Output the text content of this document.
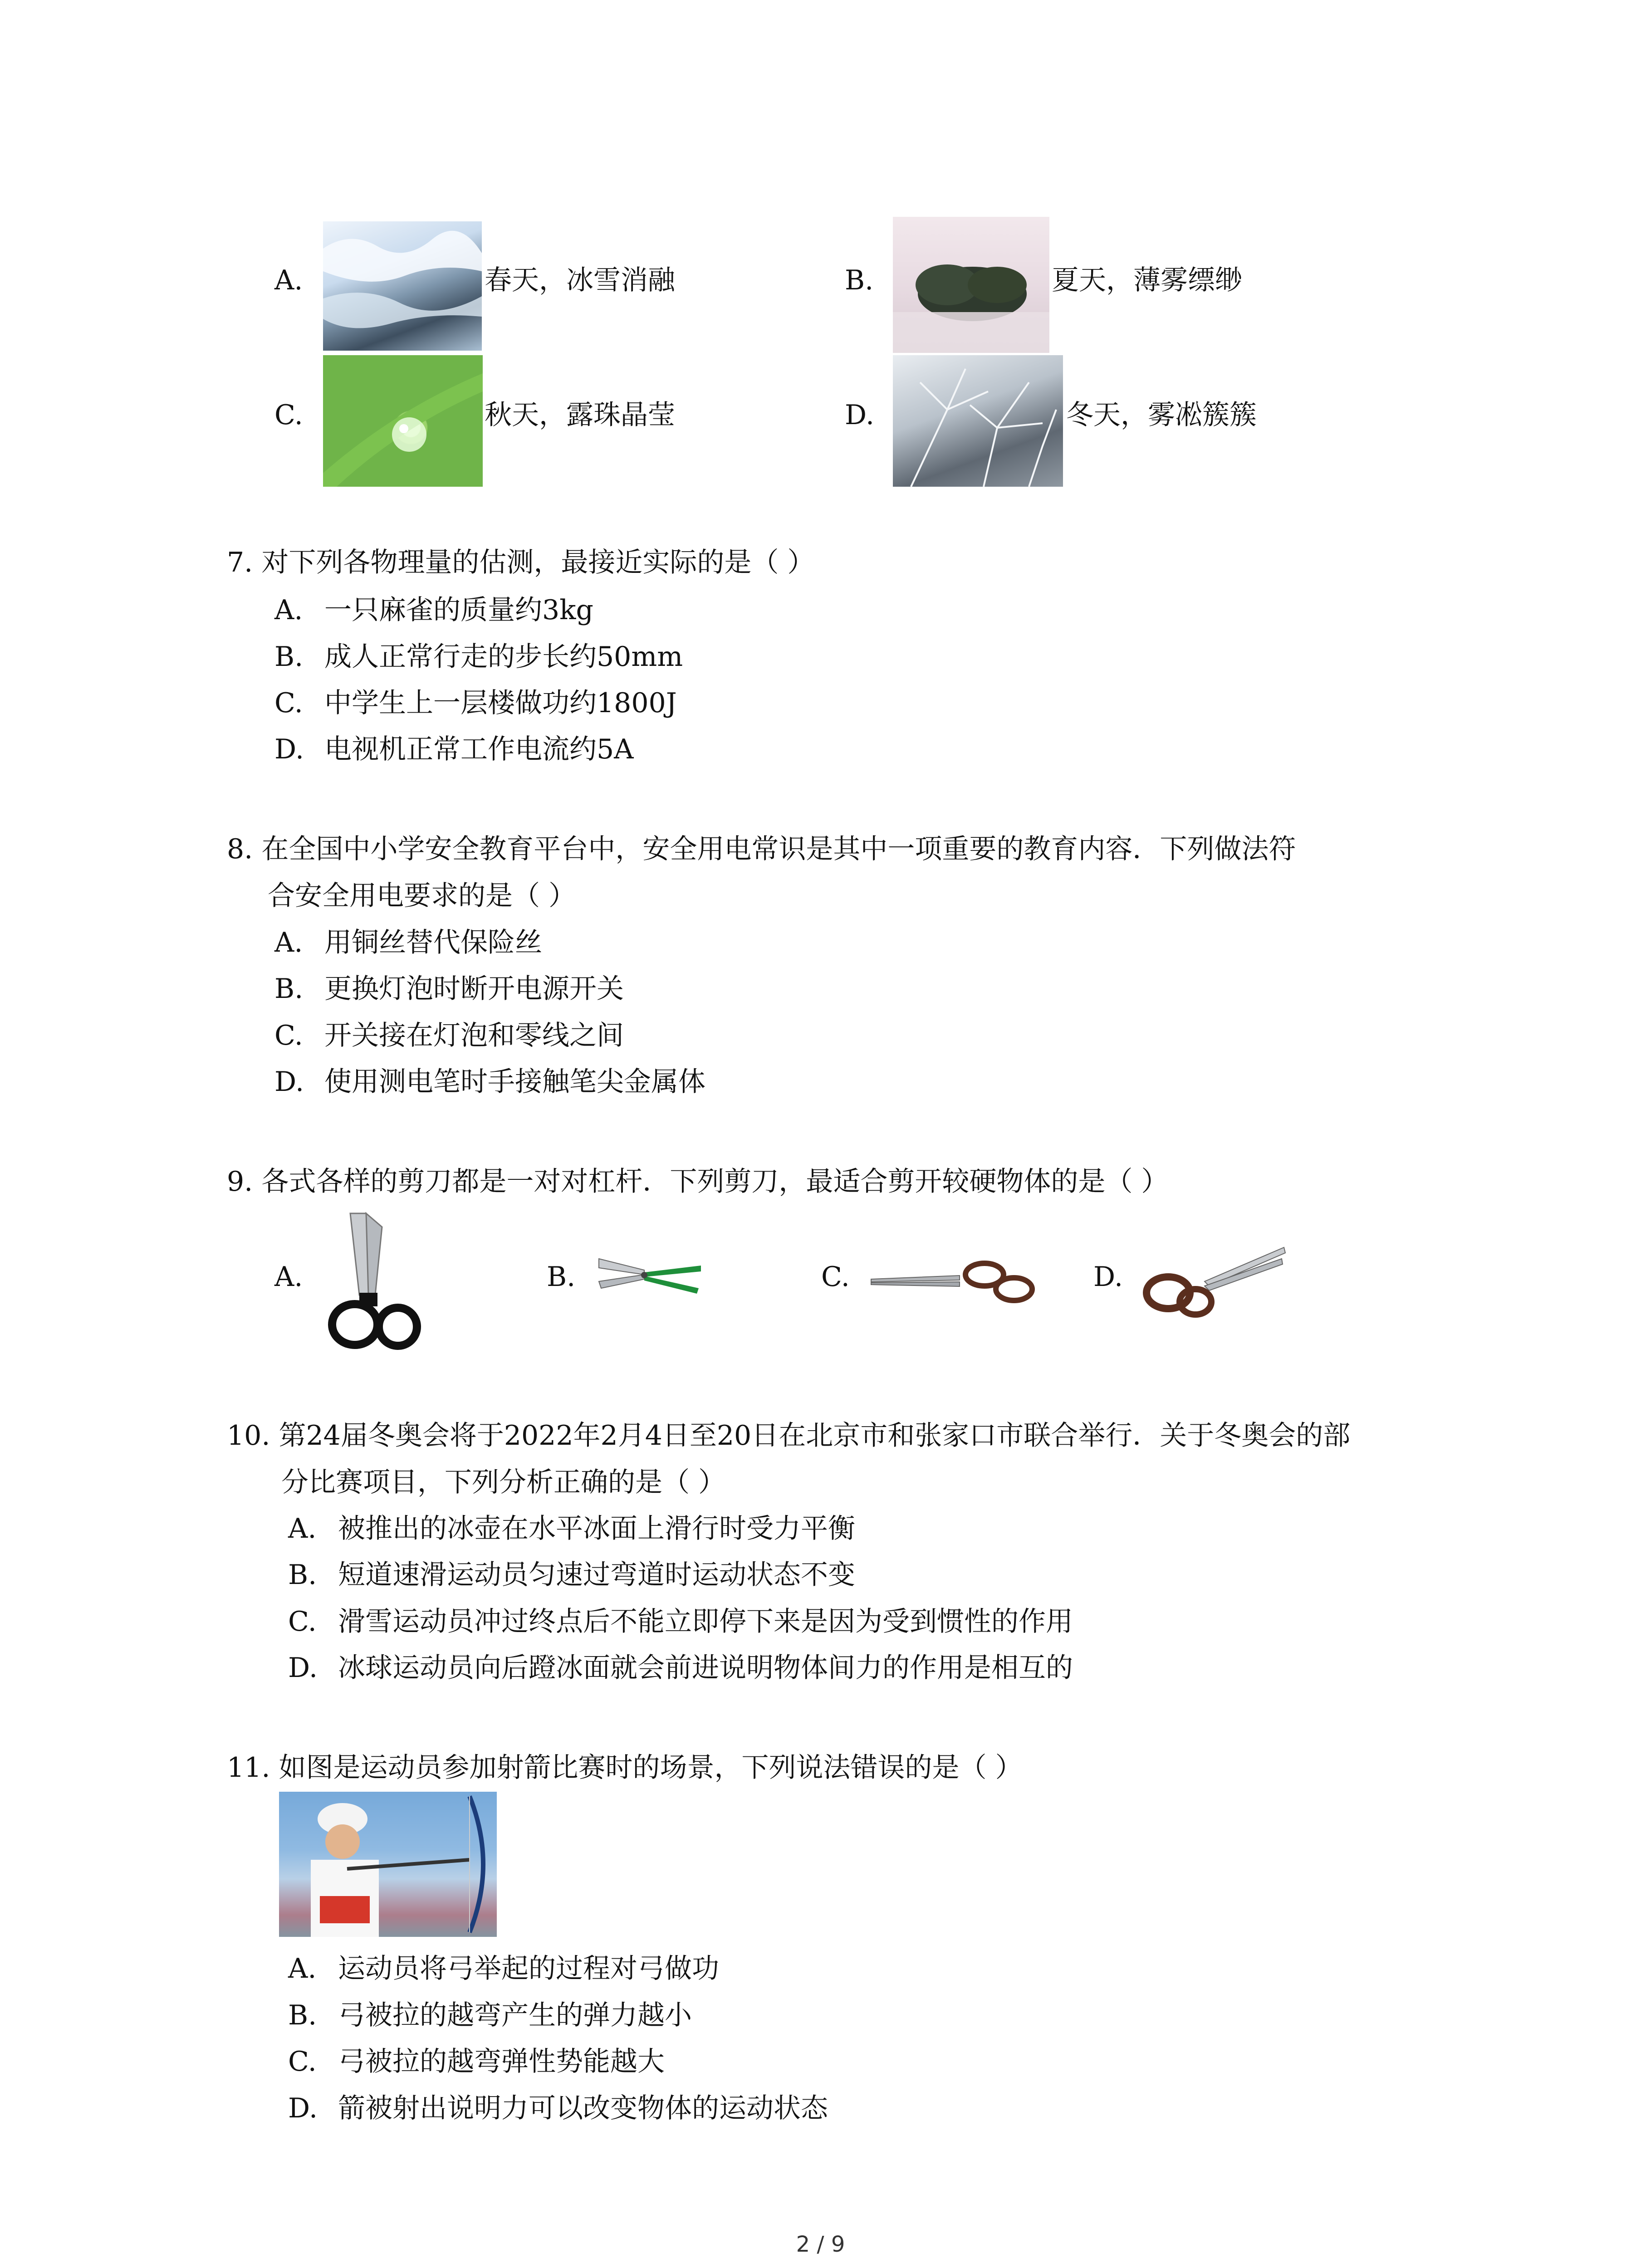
A.	春天，冰雪消融	B.	夏天，薄雾缥缈
C.	秋天，露珠晶莹	D.	冬天，雾凇簇簇
7. 对下列各物理量的估测，最接近实际的是（ ）
A. 一只麻雀的质量约3kg
B. 成人正常行走的步长约50mm
C. 中学生上一层楼做功约1800J
D. 电视机正常工作电流约5A
8. 在全国中小学安全教育平台中，安全用电常识是其中一项重要的教育内容．下列做法符
合安全用电要求的是（ ）
A. 用铜丝替代保险丝
B. 更换灯泡时断开电源开关
C. 开关接在灯泡和零线之间
D. 使用测电笔时手接触笔尖金属体
9. 各式各样的剪刀都是一对对杠杆．下列剪刀，最适合剪开较硬物体的是（ ）
A.	B.	C.	D.
10. 第24届冬奥会将于2022年2月4日至20日在北京市和张家口市联合举行．关于冬奥会的部
分比赛项目，下列分析正确的是（ ）
A. 被推出的冰壶在水平冰面上滑行时受力平衡
B. 短道速滑运动员匀速过弯道时运动状态不变
C. 滑雪运动员冲过终点后不能立即停下来是因为受到惯性的作用
D. 冰球运动员向后蹬冰面就会前进说明物体间力的作用是相互的
11. 如图是运动员参加射箭比赛时的场景，下列说法错误的是（ ）
A. 运动员将弓举起的过程对弓做功
B. 弓被拉的越弯产生的弹力越小
C. 弓被拉的越弯弹性势能越大
D. 箭被射出说明力可以改变物体的运动状态
2 / 9
